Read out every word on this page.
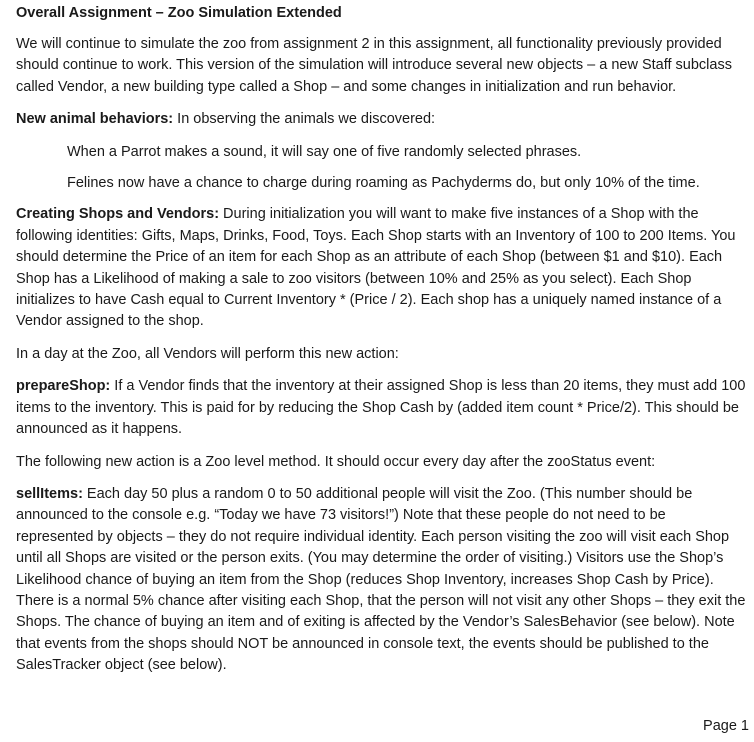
Overall Assignment – Zoo Simulation Extended

We will continue to simulate the zoo from assignment 2 in this assignment, all functionality previously provided should continue to work. This version of the simulation will introduce several new objects – a new Staff subclass called Vendor, a new building type called a Shop – and some changes in initialization and run behavior.

New animal behaviors: In observing the animals we discovered:

When a Parrot makes a sound, it will say one of five randomly selected phrases.

Felines now have a chance to charge during roaming as Pachyderms do, but only 10% of the time.

Creating Shops and Vendors: During initialization you will want to make five instances of a Shop with the following identities: Gifts, Maps, Drinks, Food, Toys. Each Shop starts with an Inventory of 100 to 200 Items. You should determine the Price of an item for each Shop as an attribute of each Shop (between $1 and $10). Each Shop has a Likelihood of making a sale to zoo visitors (between 10% and 25% as you select). Each Shop initializes to have Cash equal to Current Inventory * (Price / 2). Each shop has a uniquely named instance of a Vendor assigned to the shop.

In a day at the Zoo, all Vendors will perform this new action:

prepareShop: If a Vendor finds that the inventory at their assigned Shop is less than 20 items, they must add 100 items to the inventory. This is paid for by reducing the Shop Cash by (added item count * Price/2). This should be announced as it happens.

The following new action is a Zoo level method. It should occur every day after the zooStatus event:

sellItems: Each day 50 plus a random 0 to 50 additional people will visit the Zoo. (This number should be announced to the console e.g. “Today we have 73 visitors!”) Note that these people do not need to be represented by objects – they do not require individual identity. Each person visiting the zoo will visit each Shop until all Shops are visited or the person exits. (You may determine the order of visiting.) Visitors use the Shop’s Likelihood chance of buying an item from the Shop (reduces Shop Inventory, increases Shop Cash by Price). There is a normal 5% chance after visiting each Shop, that the person will not visit any other Shops – they exit the Shops. The chance of buying an item and of exiting is affected by the Vendor’s SalesBehavior (see below). Note that events from the shops should NOT be announced in console text, the events should be published to the SalesTracker object (see below).

Page 1
